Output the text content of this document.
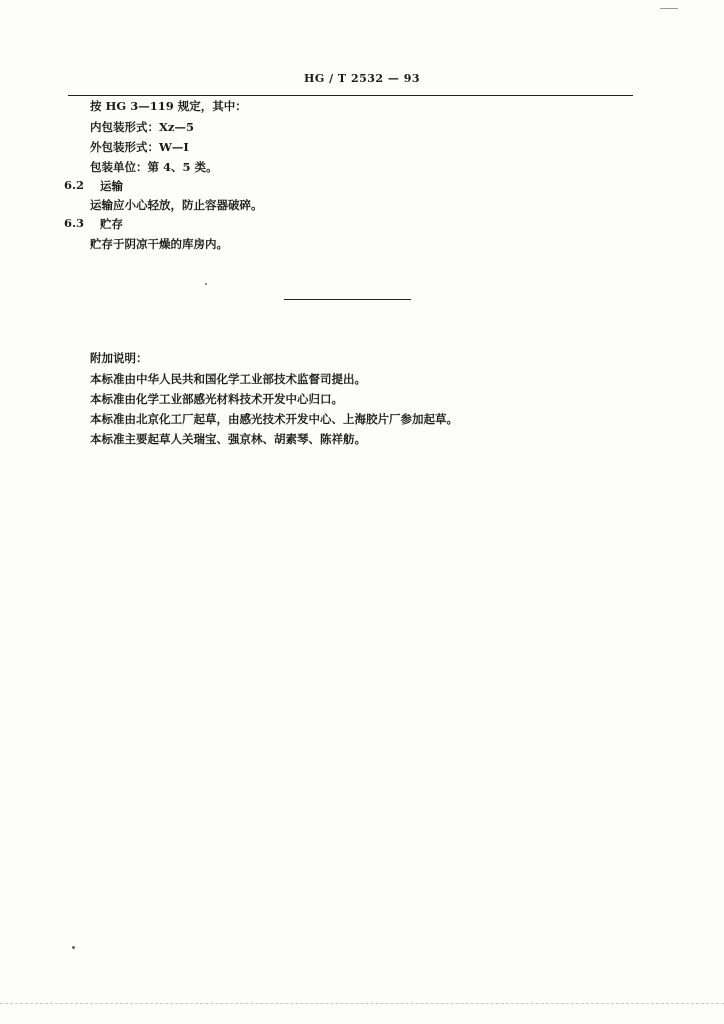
HG / T 2532 — 93
按 HG 3—119 规定，其中：
内包装形式：Xz—5
外包装形式：W—I
包装单位：第 4、5 类。
6.2 运输
运输应小心轻放，防止容器破碎。
6.3 贮存
贮存于阴凉干燥的库房内。
附加说明：
本标准由中华人民共和国化学工业部技术监督司提出。
本标准由化学工业部感光材料技术开发中心归口。
本标准由北京化工厂起草，由感光技术开发中心、上海胶片厂参加起草。
本标准主要起草人关瑞宝、强京林、胡素琴、陈祥舫。
